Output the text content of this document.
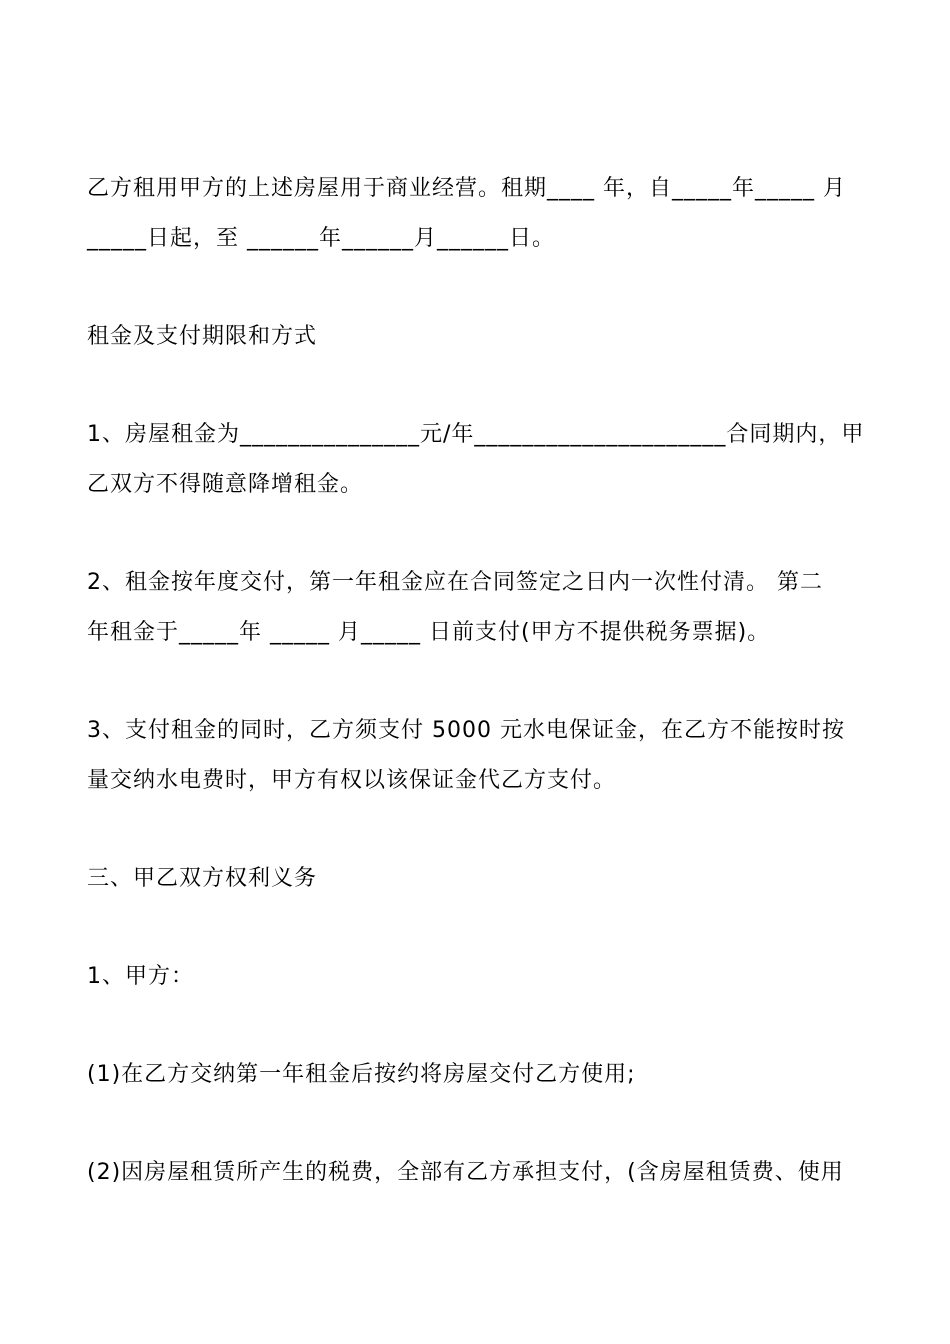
乙方租用甲方的上述房屋用于商业经营。租期____ 年，自_____年_____ 月
_____日起，至 ______年______月______日。
租金及支付期限和方式
1、房屋租金为_______________元/年_____________________合同期内，甲
乙双方不得随意降增租金。
2、租金按年度交付，第一年租金应在合同签定之日内一次性付清。 第二
年租金于_____年 _____ 月_____ 日前支付(甲方不提供税务票据)。
3、支付租金的同时，乙方须支付 5000 元水电保证金，在乙方不能按时按
量交纳水电费时，甲方有权以该保证金代乙方支付。
三、甲乙双方权利义务
1、甲方：
(1)在乙方交纳第一年租金后按约将房屋交付乙方使用;
(2)因房屋租赁所产生的税费，全部有乙方承担支付，(含房屋租赁费、使用
